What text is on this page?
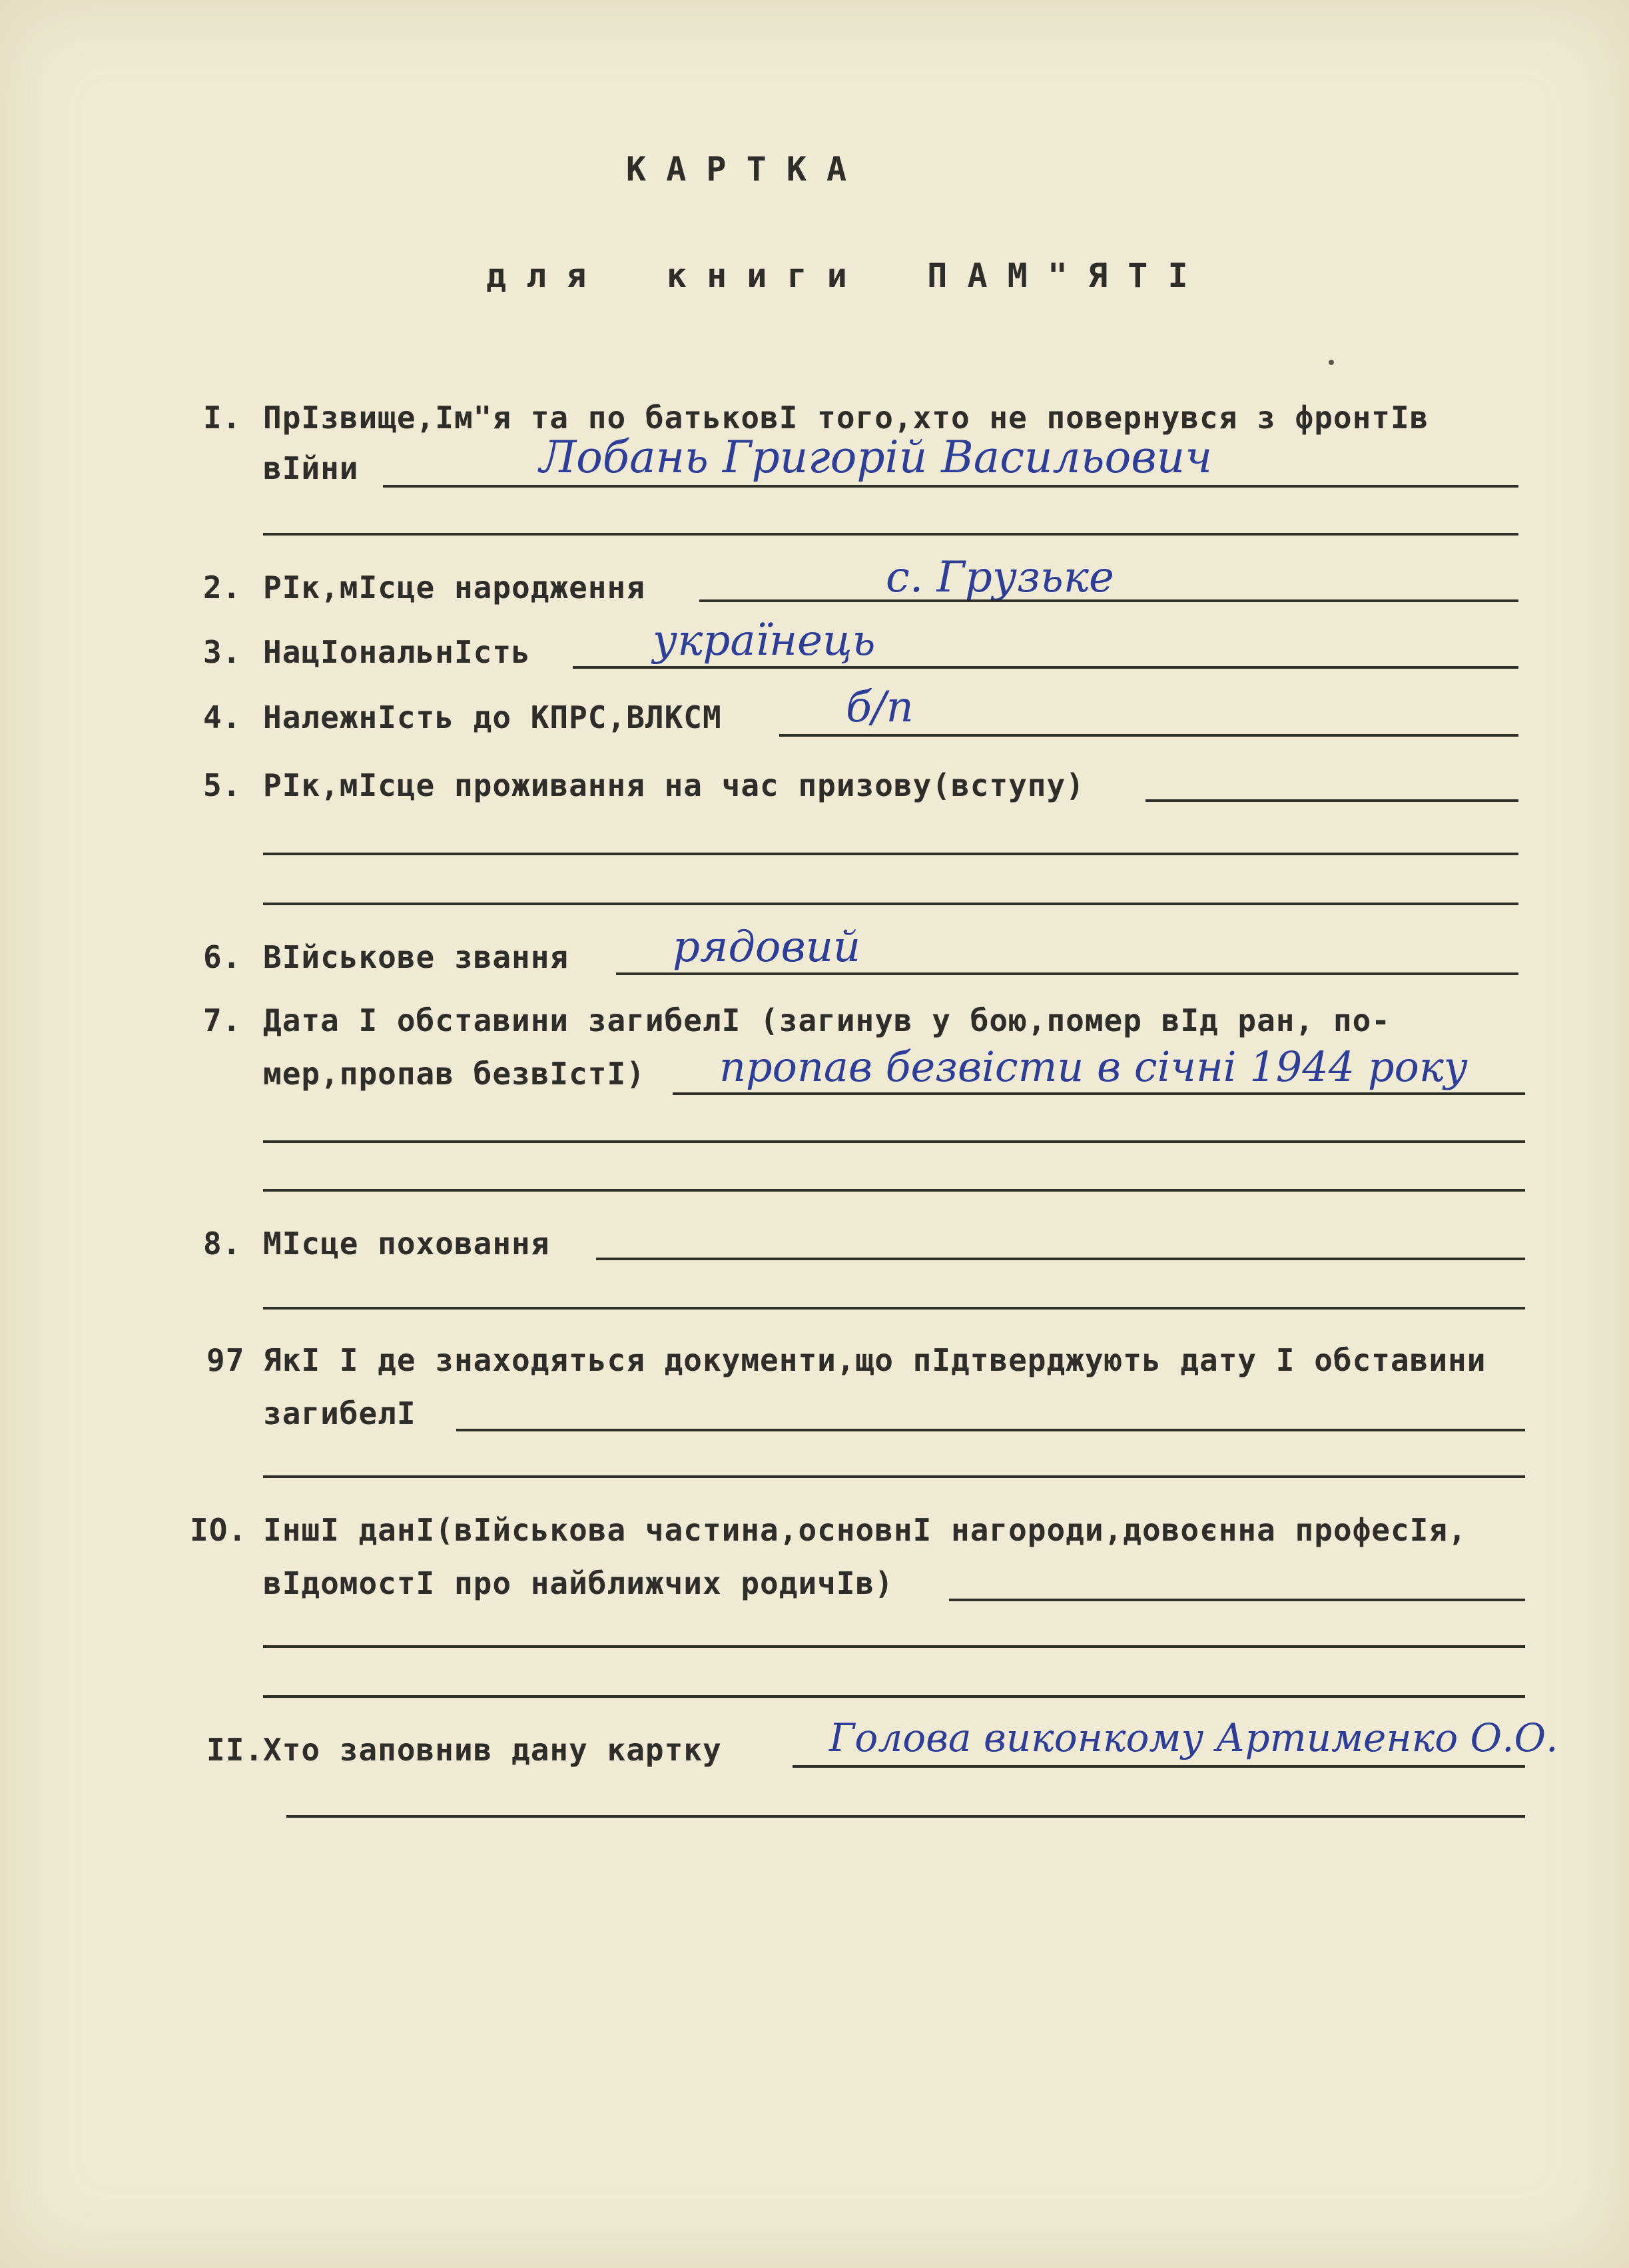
К А Р Т К А
д л я    к н и г и    П А М " Я Т І
I. ПрІзвище,Ім"я та по батьковІ того,хто не повернувся з фронтІв
вІйни	Лобань Григорій Васильович
2. РІк,мІсце народження	с. Грузьке
3. НацІональнІсть	українець
4. НалежнІсть до КПРС,ВЛКСМ	б/п
5. РІк,мІсце проживання на час призову(вступу)
6. ВІйськове звання рядовий
7. Дата І обставини загибелІ (загинув у бою,помер вІд ран, по-
мер,пропав безвІстІ) пропав безвісти в січні 1944 року
8. МІсце поховання
97 ЯкІ І де знаходяться документи,що пІдтверджують дату І обставини
загибелІ
IO. ІншІ данІ(вІйськова частина,основнІ нагороди,довоєнна професІя,
вІдомостІ про найближчих родичІв)
II.
Хто заповнив дану картку	Голова виконкому Артименко О.О.
